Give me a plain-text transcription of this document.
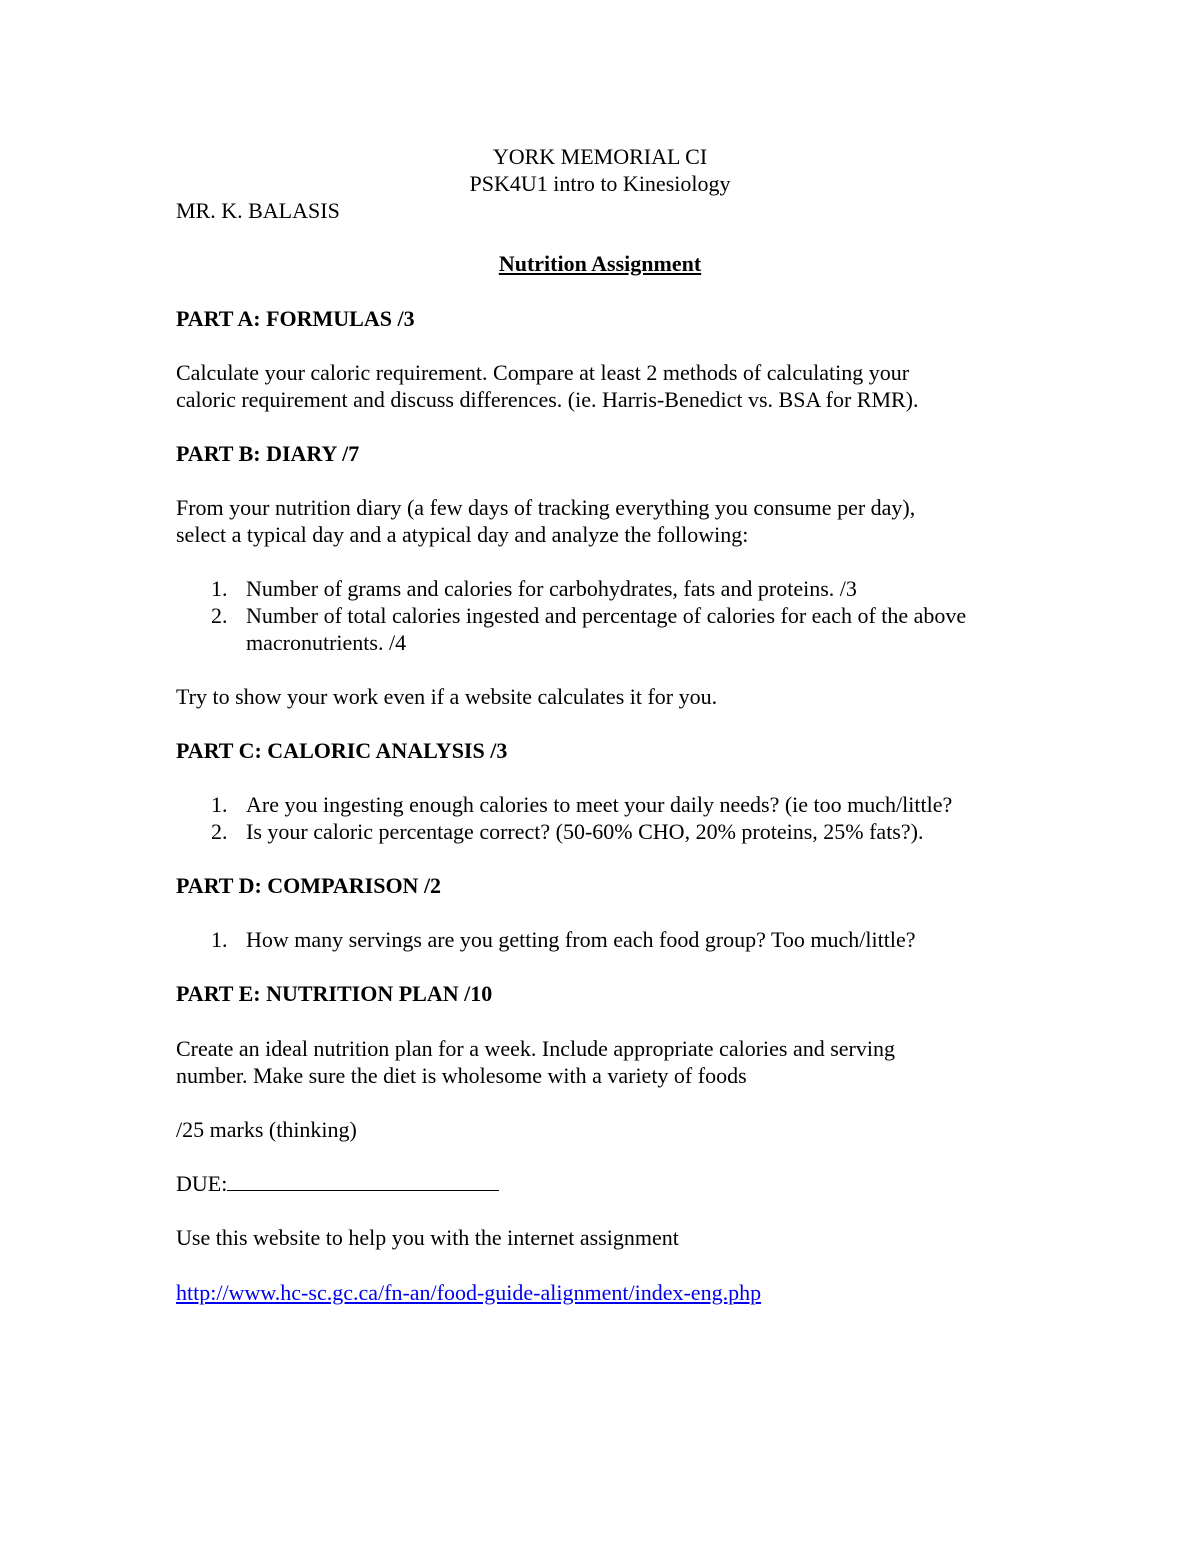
YORK MEMORIAL CI
PSK4U1 intro to Kinesiology
MR. K. BALASIS
Nutrition Assignment
PART A: FORMULAS /3
Calculate your caloric requirement. Compare at least 2 methods of calculating your
caloric requirement and discuss differences. (ie. Harris-Benedict vs. BSA for RMR).
PART B: DIARY /7
From your nutrition diary (a few days of tracking everything you consume per day),
select a typical day and a atypical day and analyze the following:
1. Number of grams and calories for carbohydrates, fats and proteins. /3
2. Number of total calories ingested and percentage of calories for each of the above
macronutrients. /4
Try to show your work even if a website calculates it for you.
PART C: CALORIC ANALYSIS /3
1. Are you ingesting enough calories to meet your daily needs? (ie too much/little?
2. Is your caloric percentage correct? (50-60% CHO, 20% proteins, 25% fats?).
PART D: COMPARISON /2
1. How many servings are you getting from each food group? Too much/little?
PART E: NUTRITION PLAN /10
Create an ideal nutrition plan for a week. Include appropriate calories and serving
number. Make sure the diet is wholesome with a variety of foods
/25 marks (thinking)
DUE:
Use this website to help you with the internet assignment
http://www.hc-sc.gc.ca/fn-an/food-guide-alignment/index-eng.php
